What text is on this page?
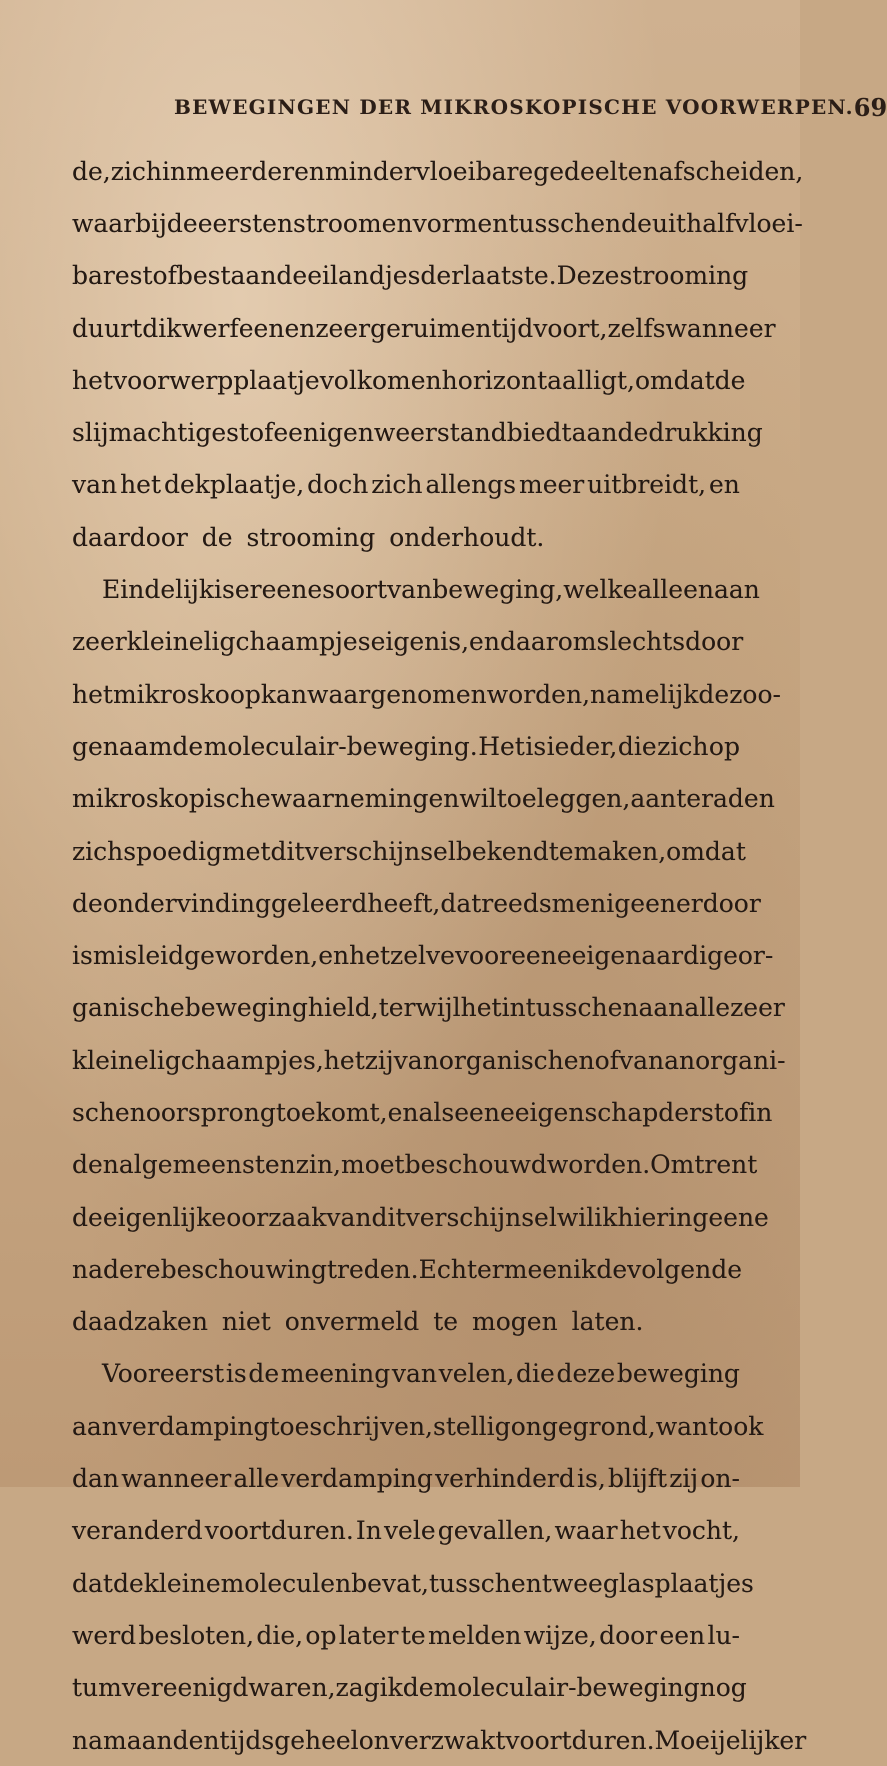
BEWEGINGEN DER MIKROSKOPISCHE VOORWERPEN. 69
de, zich in meerder en minder vloeibare gedeelten afscheiden,
waarbij de eersten stroomen vormen tusschen de uit half vloei-
bare stof bestaande eilandjes der laatste. Deze strooming
duurt dikwerf eenen zeer geruimen tijd voort, zelfs wanneer
het voorwerpplaatje volkomen horizontaal ligt, omdat de
slijmachtige stof eenigen weerstand biedt aan de drukking
van het dekplaatje, doch zich allengs meer uitbreidt, en
daardoor de strooming onderhoudt.
Eindelijk is er eene soort van beweging, welke alleen aan
zeer kleine ligchaampjes eigen is, en daarom slechts door
het mikroskoop kan waargenomen worden, namelijk de zoo-
genaamde moleculair-beweging. Het is ieder, die zich op
mikroskopische waarnemingen wil toeleggen, aan te raden
zich spoedig met dit verschijnsel bekend te maken, omdat
de ondervinding geleerd heeft, dat reeds menigeen er door
is misleid geworden, en hetzelve voor eene eigenaardige or-
ganische beweging hield, terwijl het intusschen aan alle zeer
kleine ligchaampjes, hetzij van organischen of van anorgani-
schen oorsprong toekomt, en als eene eigenschap der stof in
den algemeensten zin, moet beschouwd worden. Omtrent
de eigenlijke oorzaak van dit verschijnsel wil ik hier in geene
nadere beschouwing treden. Echter meen ik de volgende
daadzaken niet onvermeld te mogen laten.
Vooreerst is de meening van velen, die deze beweging
aan verdamping toeschrijven, stellig ongegrond, want ook
dan wanneer alle verdamping verhinderd is, blijft zij on-
veranderd voortduren. In vele gevallen, waar het vocht,
dat de kleine moleculen bevat, tusschen twee glasplaatjes
werd besloten, die, op later te melden wijze, door een lu-
tum vereenigd waren, zag ik de moleculair-beweging nog
na maanden tijds geheel onverzwakt voortduren. Moeijelijker
